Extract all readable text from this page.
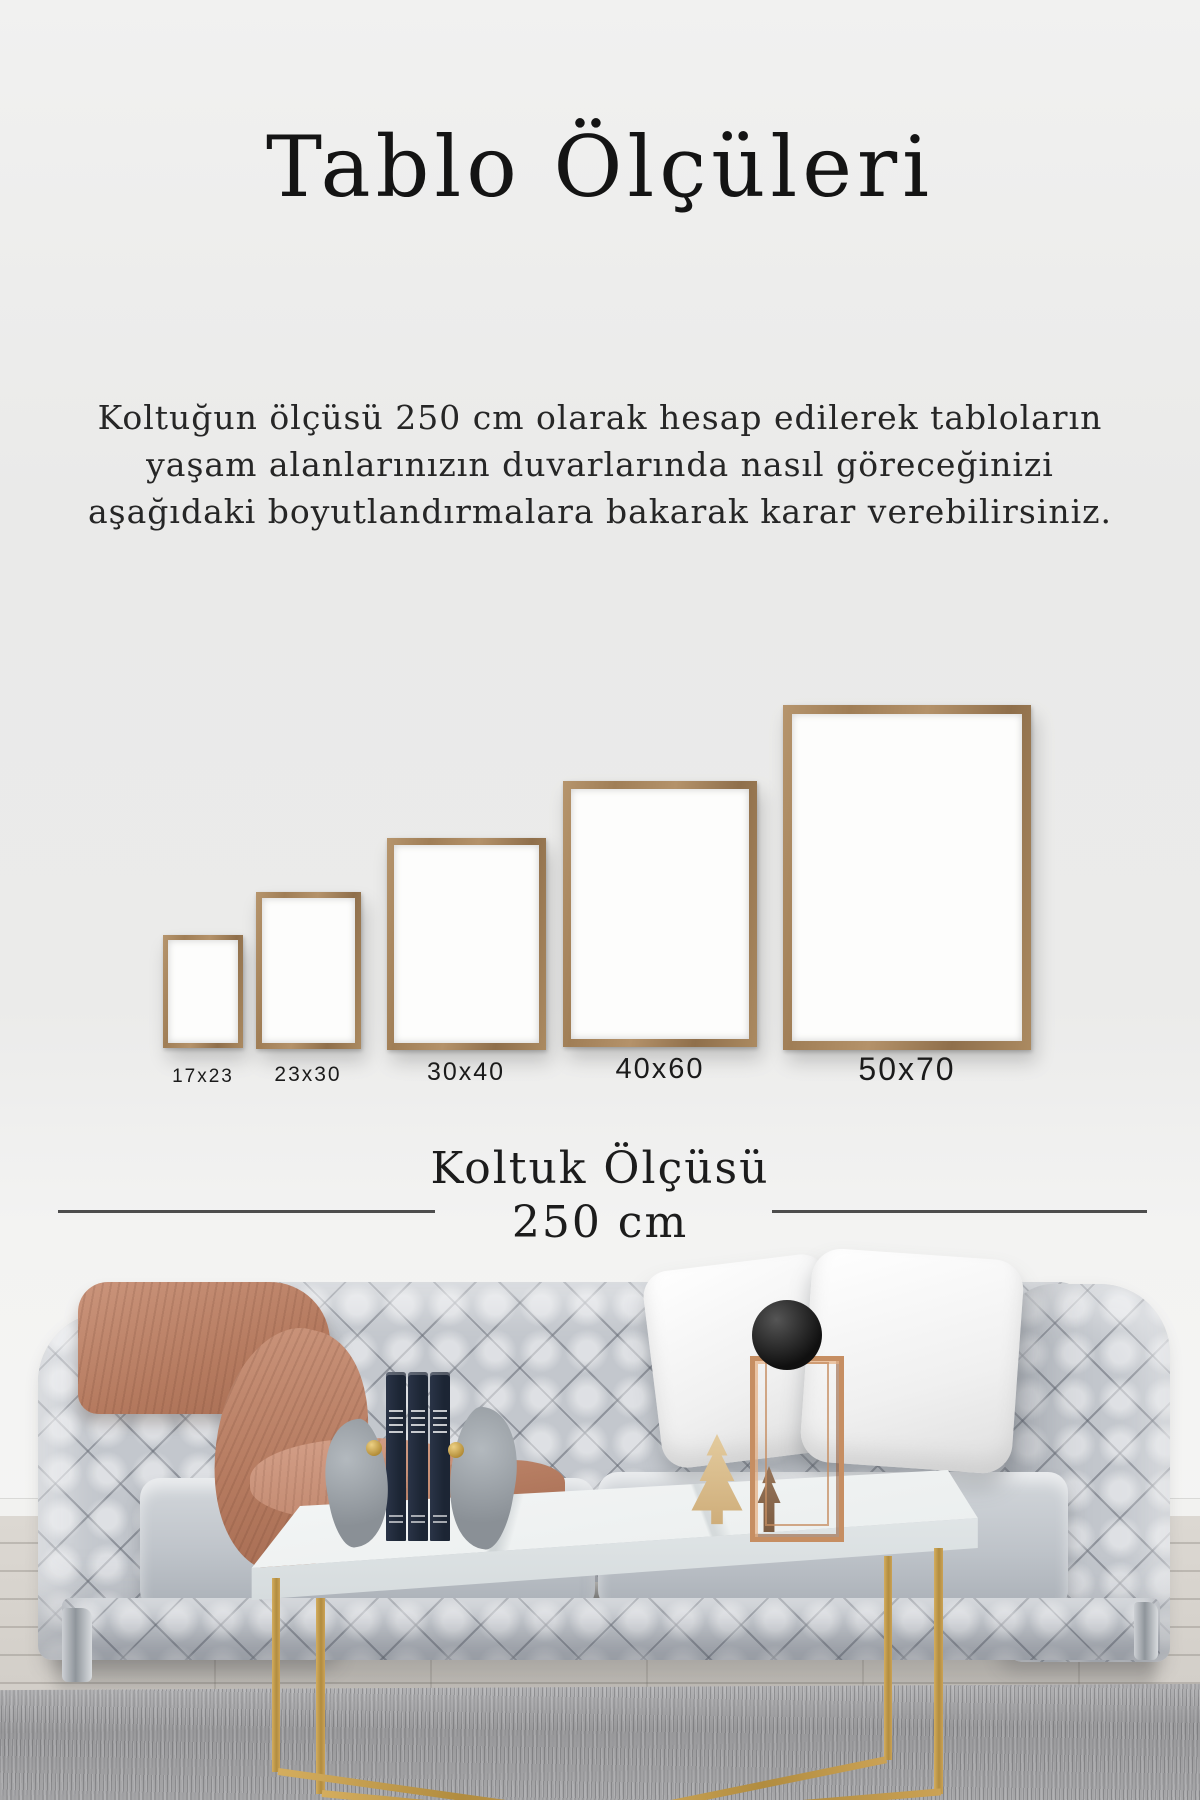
Tablo Ölçüleri
Koltuğun ölçüsü 250 cm olarak hesap edilerek tabloların
yaşam alanlarınızın duvarlarında nasıl göreceğinizi
aşağıdaki boyutlandırmalara bakarak karar verebilirsiniz.
17x23	23x30	30x40	40x60	50x70
Koltuk Ölçüsü
250 cm
